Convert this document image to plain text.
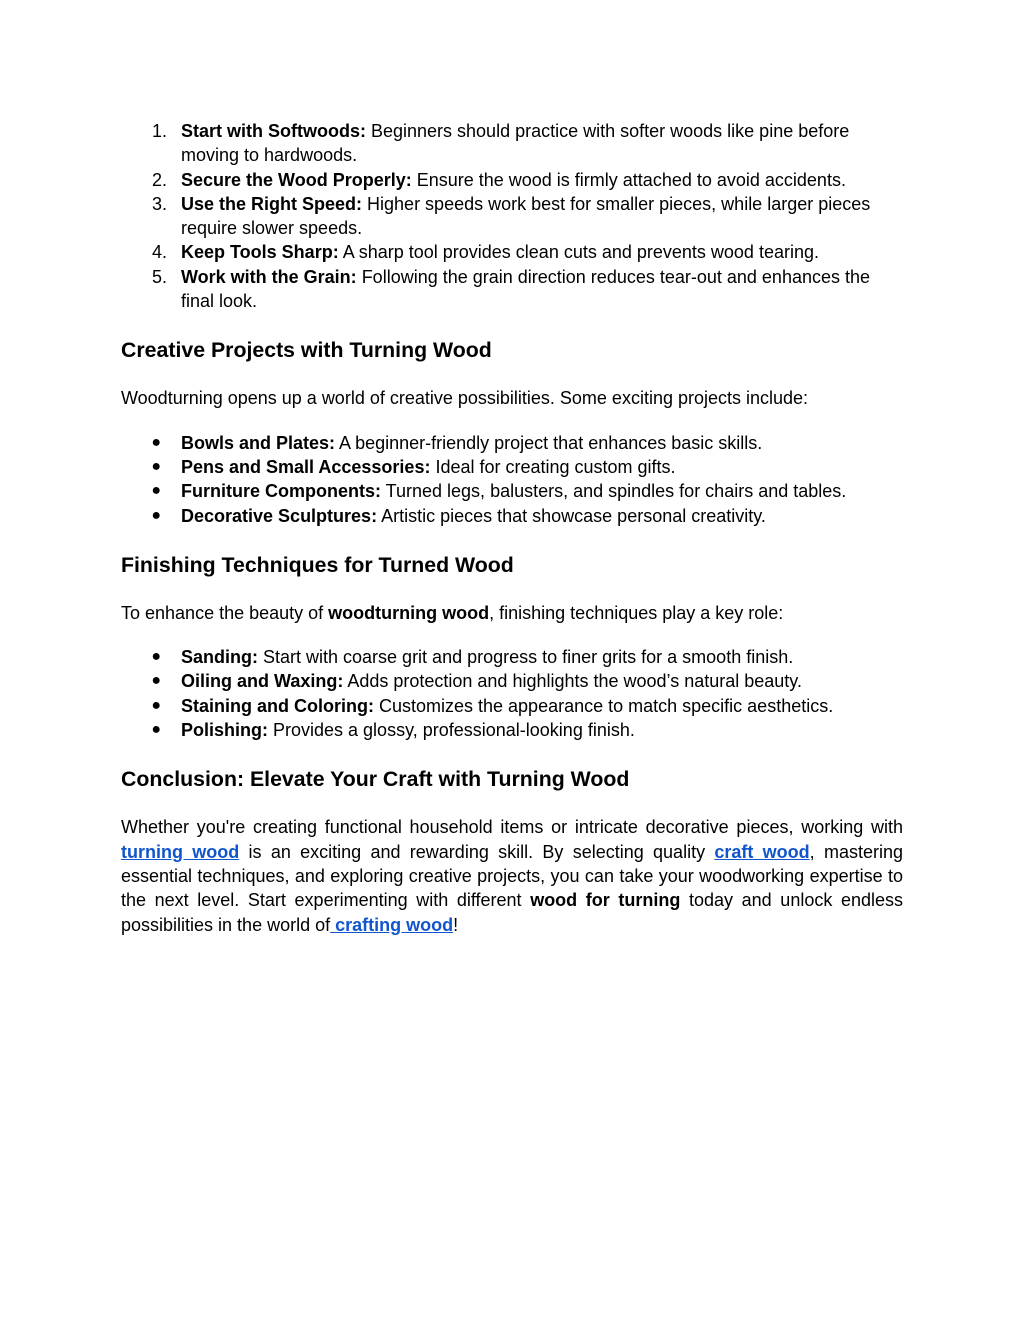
1. Start with Softwoods: Beginners should practice with softer woods like pine before moving to hardwoods.
2. Secure the Wood Properly: Ensure the wood is firmly attached to avoid accidents.
3. Use the Right Speed: Higher speeds work best for smaller pieces, while larger pieces require slower speeds.
4. Keep Tools Sharp: A sharp tool provides clean cuts and prevents wood tearing.
5. Work with the Grain: Following the grain direction reduces tear-out and enhances the final look.
Creative Projects with Turning Wood

Woodturning opens up a world of creative possibilities. Some exciting projects include:

● Bowls and Plates: A beginner-friendly project that enhances basic skills.
● Pens and Small Accessories: Ideal for creating custom gifts.
● Furniture Components: Turned legs, balusters, and spindles for chairs and tables.
● Decorative Sculptures: Artistic pieces that showcase personal creativity.
Finishing Techniques for Turned Wood

To enhance the beauty of woodturning wood, finishing techniques play a key role:

● Sanding: Start with coarse grit and progress to finer grits for a smooth finish.
● Oiling and Waxing: Adds protection and highlights the wood’s natural beauty.
● Staining and Coloring: Customizes the appearance to match specific aesthetics.
● Polishing: Provides a glossy, professional-looking finish.
Conclusion: Elevate Your Craft with Turning Wood

Whether you're creating functional household items or intricate decorative pieces, working with turning wood is an exciting and rewarding skill. By selecting quality craft wood, mastering essential techniques, and exploring creative projects, you can take your woodworking expertise to the next level. Start experimenting with different wood for turning today and unlock endless possibilities in the world of crafting wood!
